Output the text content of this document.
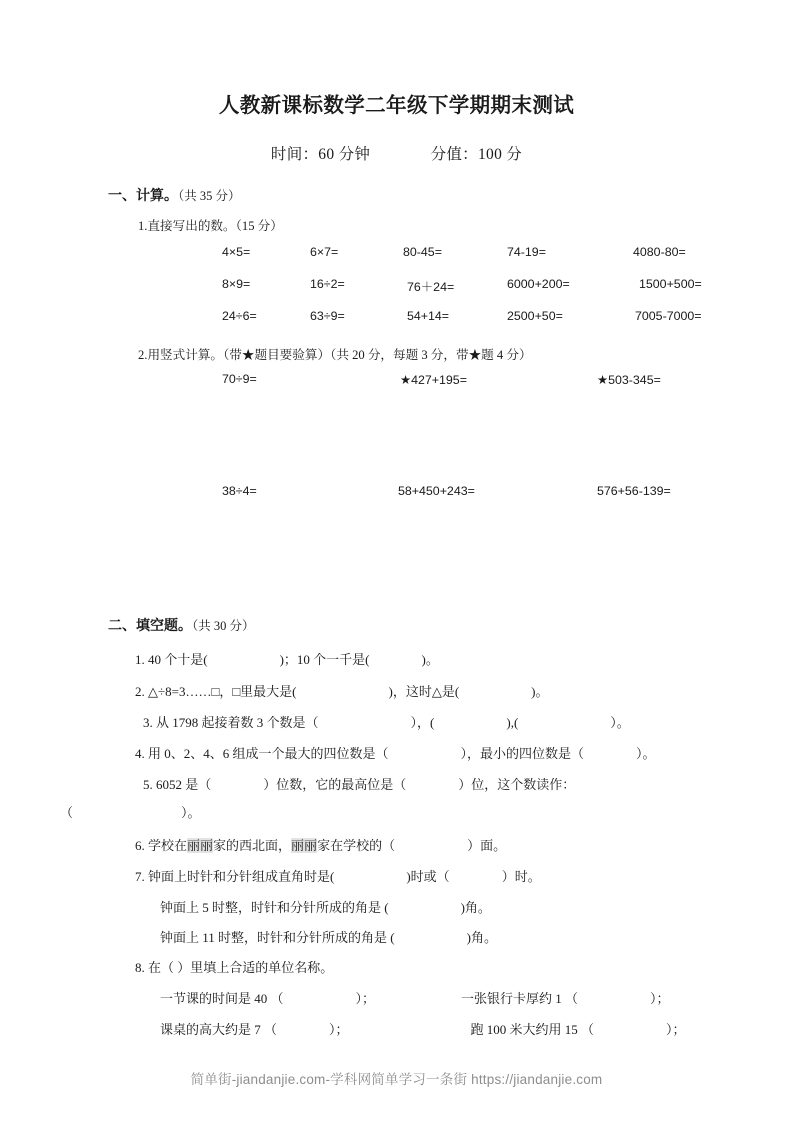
人教新课标数学二年级下学期期末测试

时间：60 分钟	分值：100 分

一、计算。（共 35 分）

1.直接写出的数。（15 分）

4×5=	6×7=	80-45=	74-19=	4080-80=
8×9=	16÷2=	76＋24=	6000+200=	1500+500=
24÷6=	63÷9=	54+14=	2500+50=	7005-7000=

2.用竖式计算。（带★题目要验算）（共 20 分，每题 3 分，带★题 4 分）

70÷9=	★427+195=	★503-345=
38÷4=	58+450+243=	576+56-139=

二、填空题。（共 30 分）

1. 40 个十是(	)；10 个一千是(	)。

2. △÷8=3……□，□里最大是(	)，这时△是(	)。

3. 从 1798 起接着数 3 个数是（	），(	),(	）。

4. 用 0、2、4、6 组成一个最大的四位数是（	），最小的四位数是（	）。

5. 6052 是（	）位数，它的最高位是（	）位，这个数读作：

（	）。

6. 学校在丽丽家的西北面，丽丽家在学校的（	）面。

7. 钟面上时针和分针组成直角时是(	)时或（	）时。

钟面上 5 时整，时针和分针所成的角是 (	)角。

钟面上 11 时整，时针和分针所成的角是 (	)角。

8. 在（ ）里填上合适的单位名称。

一节课的时间是 40 （	）；	一张银行卡厚约 1 （	）；

课桌的高大约是 7 （	）；	跑 100 米大约用 15 （	）；

简单街-jiandanjie.com-学科网简单学习一条街 https://jiandanjie.com
